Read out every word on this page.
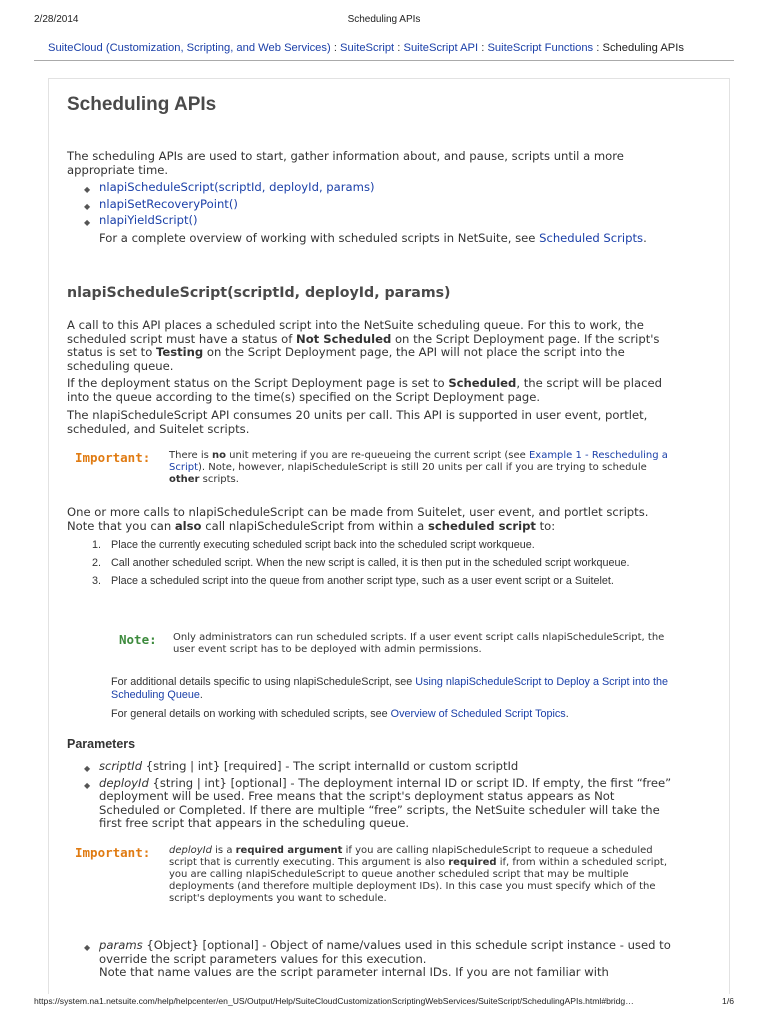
2/28/2014	Scheduling APIs
SuiteCloud (Customization, Scripting, and Web Services) : SuiteScript : SuiteScript API : SuiteScript Functions : Scheduling APIs
Scheduling APIs

The scheduling APIs are used to start, gather information about, and pause, scripts until a more appropriate time.

◆ nlapiScheduleScript(scriptId, deployId, params)
◆ nlapiSetRecoveryPoint()
◆ nlapiYieldScript()
For a complete overview of working with scheduled scripts in NetSuite, see Scheduled Scripts.
nlapiScheduleScript(scriptId, deployId, params)

A call to this API places a scheduled script into the NetSuite scheduling queue. For this to work, the scheduled script must have a status of Not Scheduled on the Script Deployment page. If the script's status is set to Testing on the Script Deployment page, the API will not place the script into the scheduling queue.

If the deployment status on the Script Deployment page is set to Scheduled, the script will be placed into the queue according to the time(s) specified on the Script Deployment page.

The nlapiScheduleScript API consumes 20 units per call. This API is supported in user event, portlet, scheduled, and Suitelet scripts.

Important:	There is no unit metering if you are re-queueing the current script (see Example 1 - Rescheduling a Script). Note, however, nlapiScheduleScript is still 20 units per call if you are trying to schedule other scripts.

One or more calls to nlapiScheduleScript can be made from Suitelet, user event, and portlet scripts. Note that you can also call nlapiScheduleScript from within a scheduled script to:

1. Place the currently executing scheduled script back into the scheduled script workqueue.
2. Call another scheduled script. When the new script is called, it is then put in the scheduled script workqueue.
3. Place a scheduled script into the queue from another script type, such as a user event script or a Suitelet.
Note:	Only administrators can run scheduled scripts. If a user event script calls nlapiScheduleScript, the user event script has to be deployed with admin permissions.
For additional details specific to using nlapiScheduleScript, see Using nlapiScheduleScript to Deploy a Script into the Scheduling Queue.
For general details on working with scheduled scripts, see Overview of Scheduled Script Topics.
Parameters
◆ scriptId {string | int} [required] - The script internalId or custom scriptId
◆ deployId {string | int} [optional] - The deployment internal ID or script ID. If empty, the first “free” deployment will be used. Free means that the script's deployment status appears as Not Scheduled or Completed. If there are multiple “free” scripts, the NetSuite scheduler will take the first free script that appears in the scheduling queue.
Important:	deployId is a required argument if you are calling nlapiScheduleScript to requeue a scheduled script that is currently executing. This argument is also required if, from within a scheduled script, you are calling nlapiScheduleScript to queue another scheduled script that may be multiple deployments (and therefore multiple deployment IDs). In this case you must specify which of the script's deployments you want to schedule.
◆ params {Object} [optional] - Object of name/values used in this schedule script instance - used to override the script parameters values for this execution.
Note that name values are the script parameter internal IDs. If you are not familiar with
https://system.na1.netsuite.com/help/helpcenter/en_US/Output/Help/SuiteCloudCustomizationScriptingWebServices/SuiteScript/SchedulingAPIs.html#bridg…	1/6
